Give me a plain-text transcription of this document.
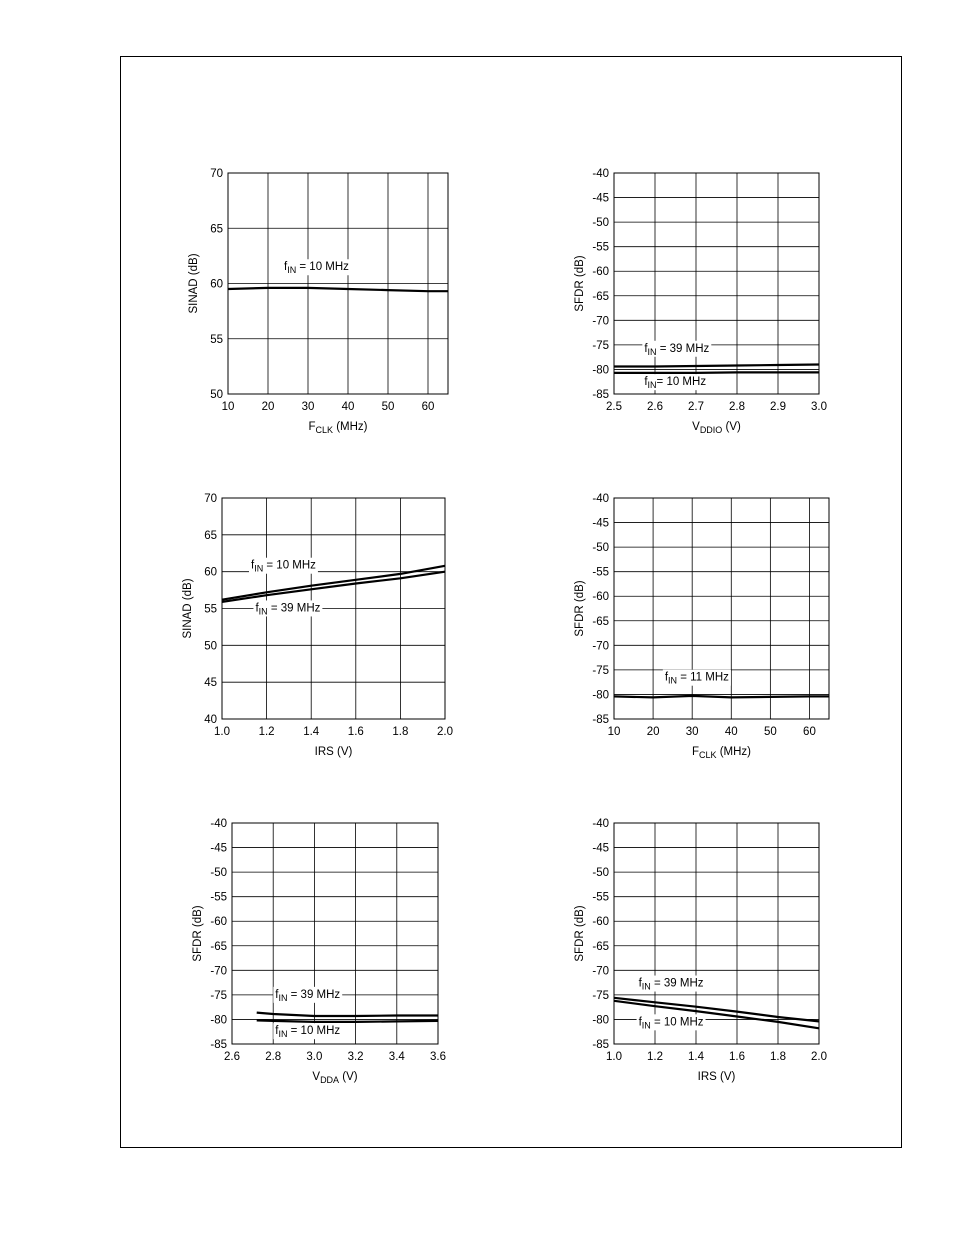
10 20 30 40 50 60
70
65
60
55
50
$F_{CLK}$ (MHz)
SINAD (dB)	$f_{IN} = 10$ MHz
2.5 2.6 2.7 2.8 2.9 3.0
-40
-45
-50
-55
-60
-65
-70
-75
-80
-85
$V_{DDIO}$ (V)
SFDR (dB)
$f_{IN} = 39$ MHz
$f_{IN}= 10$ MHz
1.0 1.2 1.4 1.6 1.8 2.0
70
65
60
55
50
45
40
IRS (V)
SINAD (dB)
$f_{IN} = 10$ MHz
$f_{IN} = 39$ MHz
10 20 30 40 50 60
-40
-45
-50
-55
-60
-65
-70
-75
-80
-85
$F_{CLK}$ (MHz)
SFDR (dB)
$f_{IN} = 11$ MHz
2.6 2.8 3.0 3.2 3.4 3.6
-40
-45
-50
-55
-60
-65
-70
-75
-80
-85
$V_{DDA}$ (V)
SFDR (dB)
$f_{IN} = 39$ MHz
$f_{IN} = 10$ MHz
1.0 1.2 1.4 1.6 1.8 2.0
-40
-45
-50
-55
-60
-65
-70
-75
-80
-85
IRS (V)
SFDR (dB)
$f_{IN} = 39$ MHz
$f_{IN} = 10$ MHz
